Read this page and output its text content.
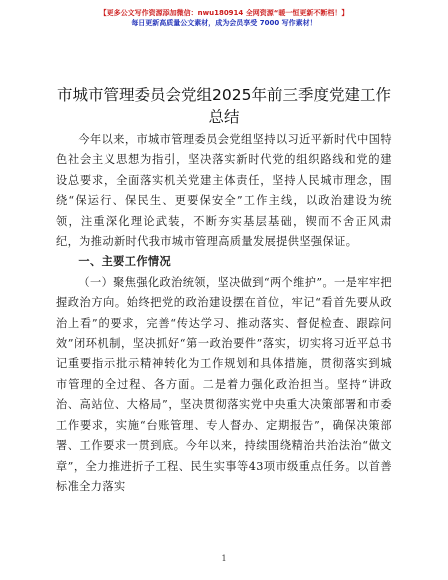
【更多公文写作资源添加微信：nwu180914 全网资源“暖一恒更新不断档！】
每日更新高质量公文素材，成为会员享受 7000 写作素材！
市城市管理委员会党组2025年前三季度党建工作总结

今年以来，市城市管理委员会党组坚持以习近平新时代中国特色社会主义思想为指引，坚决落实新时代党的组织路线和党的建设总要求，全面落实机关党建主体责任，坚持人民城市理念，围绕“保运行、保民生、更要保安全”工作主线，以政治建设为统领，注重深化理论武装，不断夯实基层基础，锲而不舍正风肃纪，为推动新时代我市城市管理高质量发展提供坚强保证。

一、主要工作情况

（一）聚焦强化政治统领，坚决做到“两个维护”。一是牢牢把握政治方向。始终把党的政治建设摆在首位，牢记“看首先要从政治上看”的要求，完善“传达学习、推动落实、督促检查、跟踪问效”闭环机制，坚决抓好“第一政治要件”落实，切实将习近平总书记重要指示批示精神转化为工作规划和具体措施，贯彻落实到城市管理的全过程、各方面。二是着力强化政治担当。坚持“讲政治、高站位、大格局”，坚决贯彻落实党中央重大决策部署和市委工作要求，实施“台账管理、专人督办、定期报告”，确保决策部署、工作要求一贯到底。今年以来，持续围绕精治共治法治“做文章”，全力推进折子工程、民生实事等43项市级重点任务。以首善标准全力落实

1
